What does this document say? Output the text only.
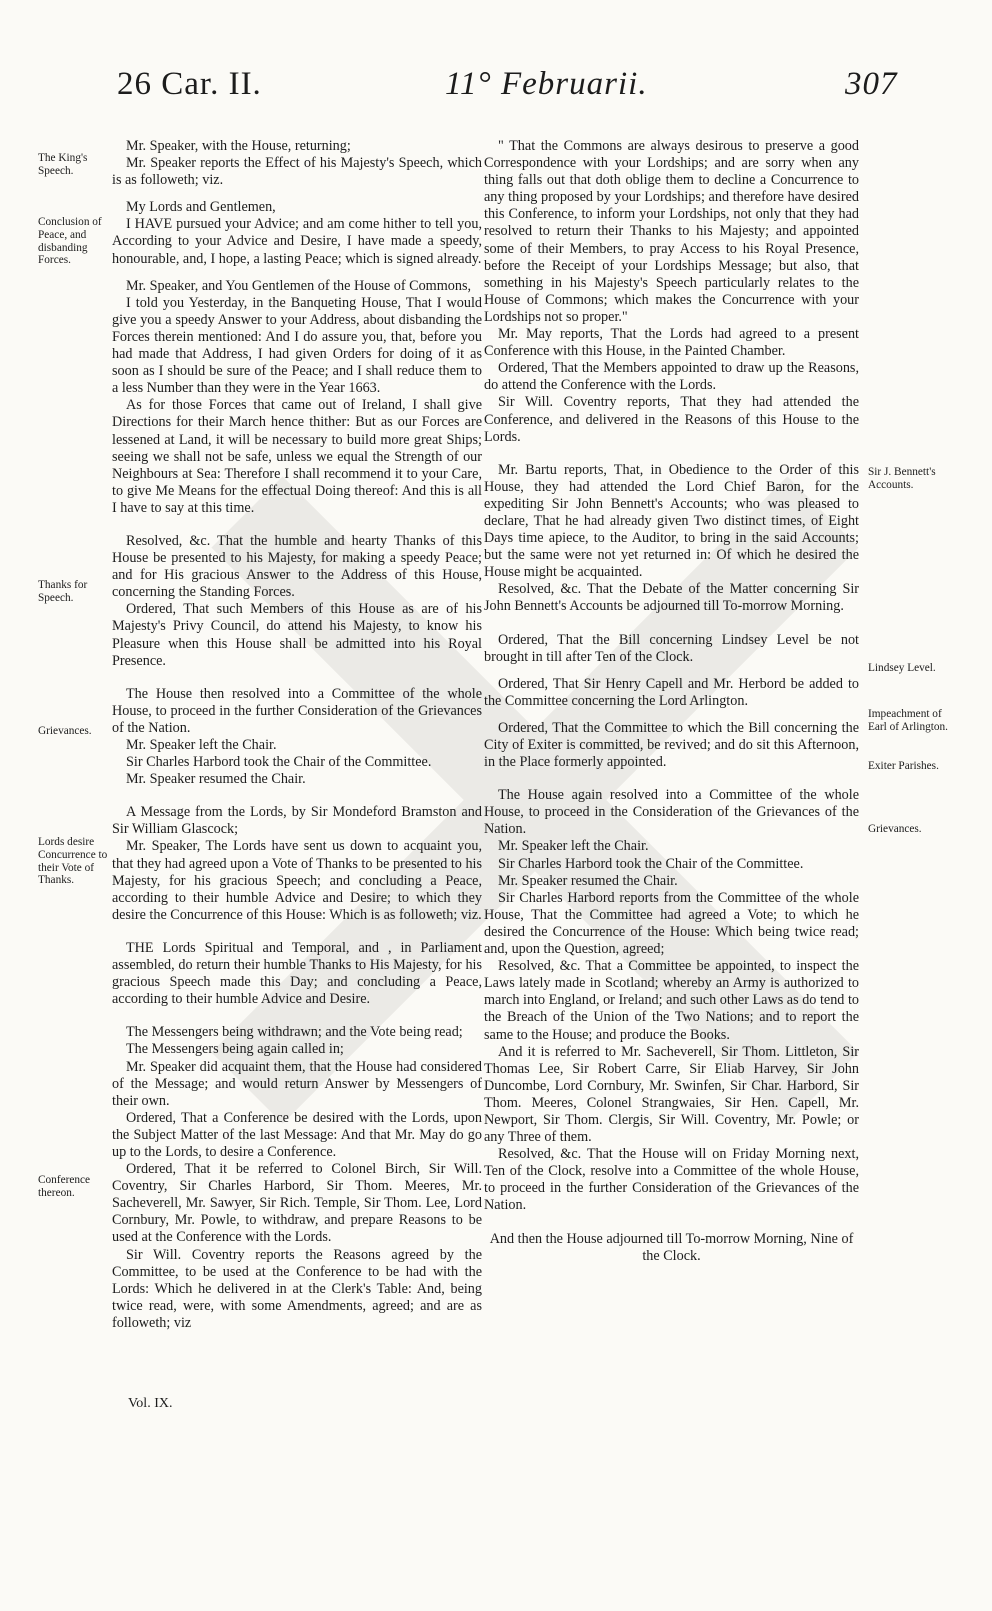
26 Car. II.	11° Februarii.	307
The King's Speech.
Conclusion of Peace, and disbanding Forces.
Thanks for Speech.
Grievances.
Lords desire Concurrence to their Vote of Thanks.
Conference thereon.
Sir J. Bennett's Accounts.
Lindsey Level.
Impeachment of Earl of Arlington.
Exiter Parishes.
Grievances.

Mr. Speaker, with the House, returning;

Mr. Speaker reports the Effect of his Majesty's Speech, which is as followeth; viz.

My Lords and Gentlemen,

I HAVE pursued your Advice; and am come hither to tell you, According to your Advice and Desire, I have made a speedy, honourable, and, I hope, a lasting Peace; which is signed already.

Mr. Speaker, and You Gentlemen of the House of Commons,

I told you Yesterday, in the Banqueting House, That I would give you a speedy Answer to your Address, about disbanding the Forces therein mentioned: And I do assure you, that, before you had made that Address, I had given Orders for doing of it as soon as I should be sure of the Peace; and I shall reduce them to a less Number than they were in the Year 1663.

As for those Forces that came out of Ireland, I shall give Directions for their March hence thither: But as our Forces are lessened at Land, it will be necessary to build more great Ships; seeing we shall not be safe, unless we equal the Strength of our Neighbours at Sea: Therefore I shall recommend it to your Care, to give Me Means for the effectual Doing thereof: And this is all I have to say at this time.

Resolved, &c. That the humble and hearty Thanks of this House be presented to his Majesty, for making a speedy Peace; and for His gracious Answer to the Address of this House, concerning the Standing Forces.

Ordered, That such Members of this House as are of his Majesty's Privy Council, do attend his Majesty, to know his Pleasure when this House shall be admitted into his Royal Presence.

The House then resolved into a Committee of the whole House, to proceed in the further Consideration of the Grievances of the Nation.

Mr. Speaker left the Chair.

Sir Charles Harbord took the Chair of the Committee.

Mr. Speaker resumed the Chair.

A Message from the Lords, by Sir Mondeford Bramston and Sir William Glascock;

Mr. Speaker, The Lords have sent us down to acquaint you, that they had agreed upon a Vote of Thanks to be presented to his Majesty, for his gracious Speech; and concluding a Peace, according to their humble Advice and Desire; to which they desire the Concurrence of this House: Which is as followeth; viz.

THE Lords Spiritual and Temporal, and , in Parliament assembled, do return their humble Thanks to His Majesty, for his gracious Speech made this Day; and concluding a Peace, according to their humble Advice and Desire.

The Messengers being withdrawn; and the Vote being read;

The Messengers being again called in;

Mr. Speaker did acquaint them, that the House had considered of the Message; and would return Answer by Messengers of their own.

Ordered, That a Conference be desired with the Lords, upon the Subject Matter of the last Message: And that Mr. May do go up to the Lords, to desire a Conference.

Ordered, That it be referred to Colonel Birch, Sir Will. Coventry, Sir Charles Harbord, Sir Thom. Meeres, Mr. Sacheverell, Mr. Sawyer, Sir Rich. Temple, Sir Thom. Lee, Lord Cornbury, Mr. Powle, to withdraw, and prepare Reasons to be used at the Conference with the Lords.

Sir Will. Coventry reports the Reasons agreed by the Committee, to be used at the Conference to be had with the Lords: Which he delivered in at the Clerk's Table: And, being twice read, were, with some Amendments, agreed; and are as followeth; viz

" That the Commons are always desirous to preserve a good Correspondence with your Lordships; and are sorry when any thing falls out that doth oblige them to decline a Concurrence to any thing proposed by your Lordships; and therefore have desired this Conference, to inform your Lordships, not only that they had resolved to return their Thanks to his Majesty; and appointed some of their Members, to pray Access to his Royal Presence, before the Receipt of your Lordships Message; but also, that something in his Majesty's Speech particularly relates to the House of Commons; which makes the Concurrence with your Lordships not so proper."

Mr. May reports, That the Lords had agreed to a present Conference with this House, in the Painted Chamber.

Ordered, That the Members appointed to draw up the Reasons, do attend the Conference with the Lords.

Sir Will. Coventry reports, That they had attended the Conference, and delivered in the Reasons of this House to the Lords.

Mr. Bartu reports, That, in Obedience to the Order of this House, they had attended the Lord Chief Baron, for the expediting Sir John Bennett's Accounts; who was pleased to declare, That he had already given Two distinct times, of Eight Days time apiece, to the Auditor, to bring in the said Accounts; but the same were not yet returned in: Of which he desired the House might be acquainted.

Resolved, &c. That the Debate of the Matter concerning Sir John Bennett's Accounts be adjourned till To-morrow Morning.

Ordered, That the Bill concerning Lindsey Level be not brought in till after Ten of the Clock.

Ordered, That Sir Henry Capell and Mr. Herbord be added to the Committee concerning the Lord Arlington.

Ordered, That the Committee to which the Bill concerning the City of Exiter is committed, be revived; and do sit this Afternoon, in the Place formerly appointed.

The House again resolved into a Committee of the whole House, to proceed in the Consideration of the Grievances of the Nation.

Mr. Speaker left the Chair.

Sir Charles Harbord took the Chair of the Committee.

Mr. Speaker resumed the Chair.

Sir Charles Harbord reports from the Committee of the whole House, That the Committee had agreed a Vote; to which he desired the Concurrence of the House: Which being twice read; and, upon the Question, agreed;

Resolved, &c. That a Committee be appointed, to inspect the Laws lately made in Scotland; whereby an Army is authorized to march into England, or Ireland; and such other Laws as do tend to the Breach of the Union of the Two Nations; and to report the same to the House; and produce the Books.

And it is referred to Mr. Sacheverell, Sir Thom. Littleton, Sir Thomas Lee, Sir Robert Carre, Sir Eliab Harvey, Sir John Duncombe, Lord Cornbury, Mr. Swinfen, Sir Char. Harbord, Sir Thom. Meeres, Colonel Strangwaies, Sir Hen. Capell, Mr. Newport, Sir Thom. Clergis, Sir Will. Coventry, Mr. Powle; or any Three of them.

Resolved, &c. That the House will on Friday Morning next, Ten of the Clock, resolve into a Committee of the whole House, to proceed in the further Consideration of the Grievances of the Nation.

And then the House adjourned till To-morrow Morning, Nine of the Clock.

Vol. IX.
